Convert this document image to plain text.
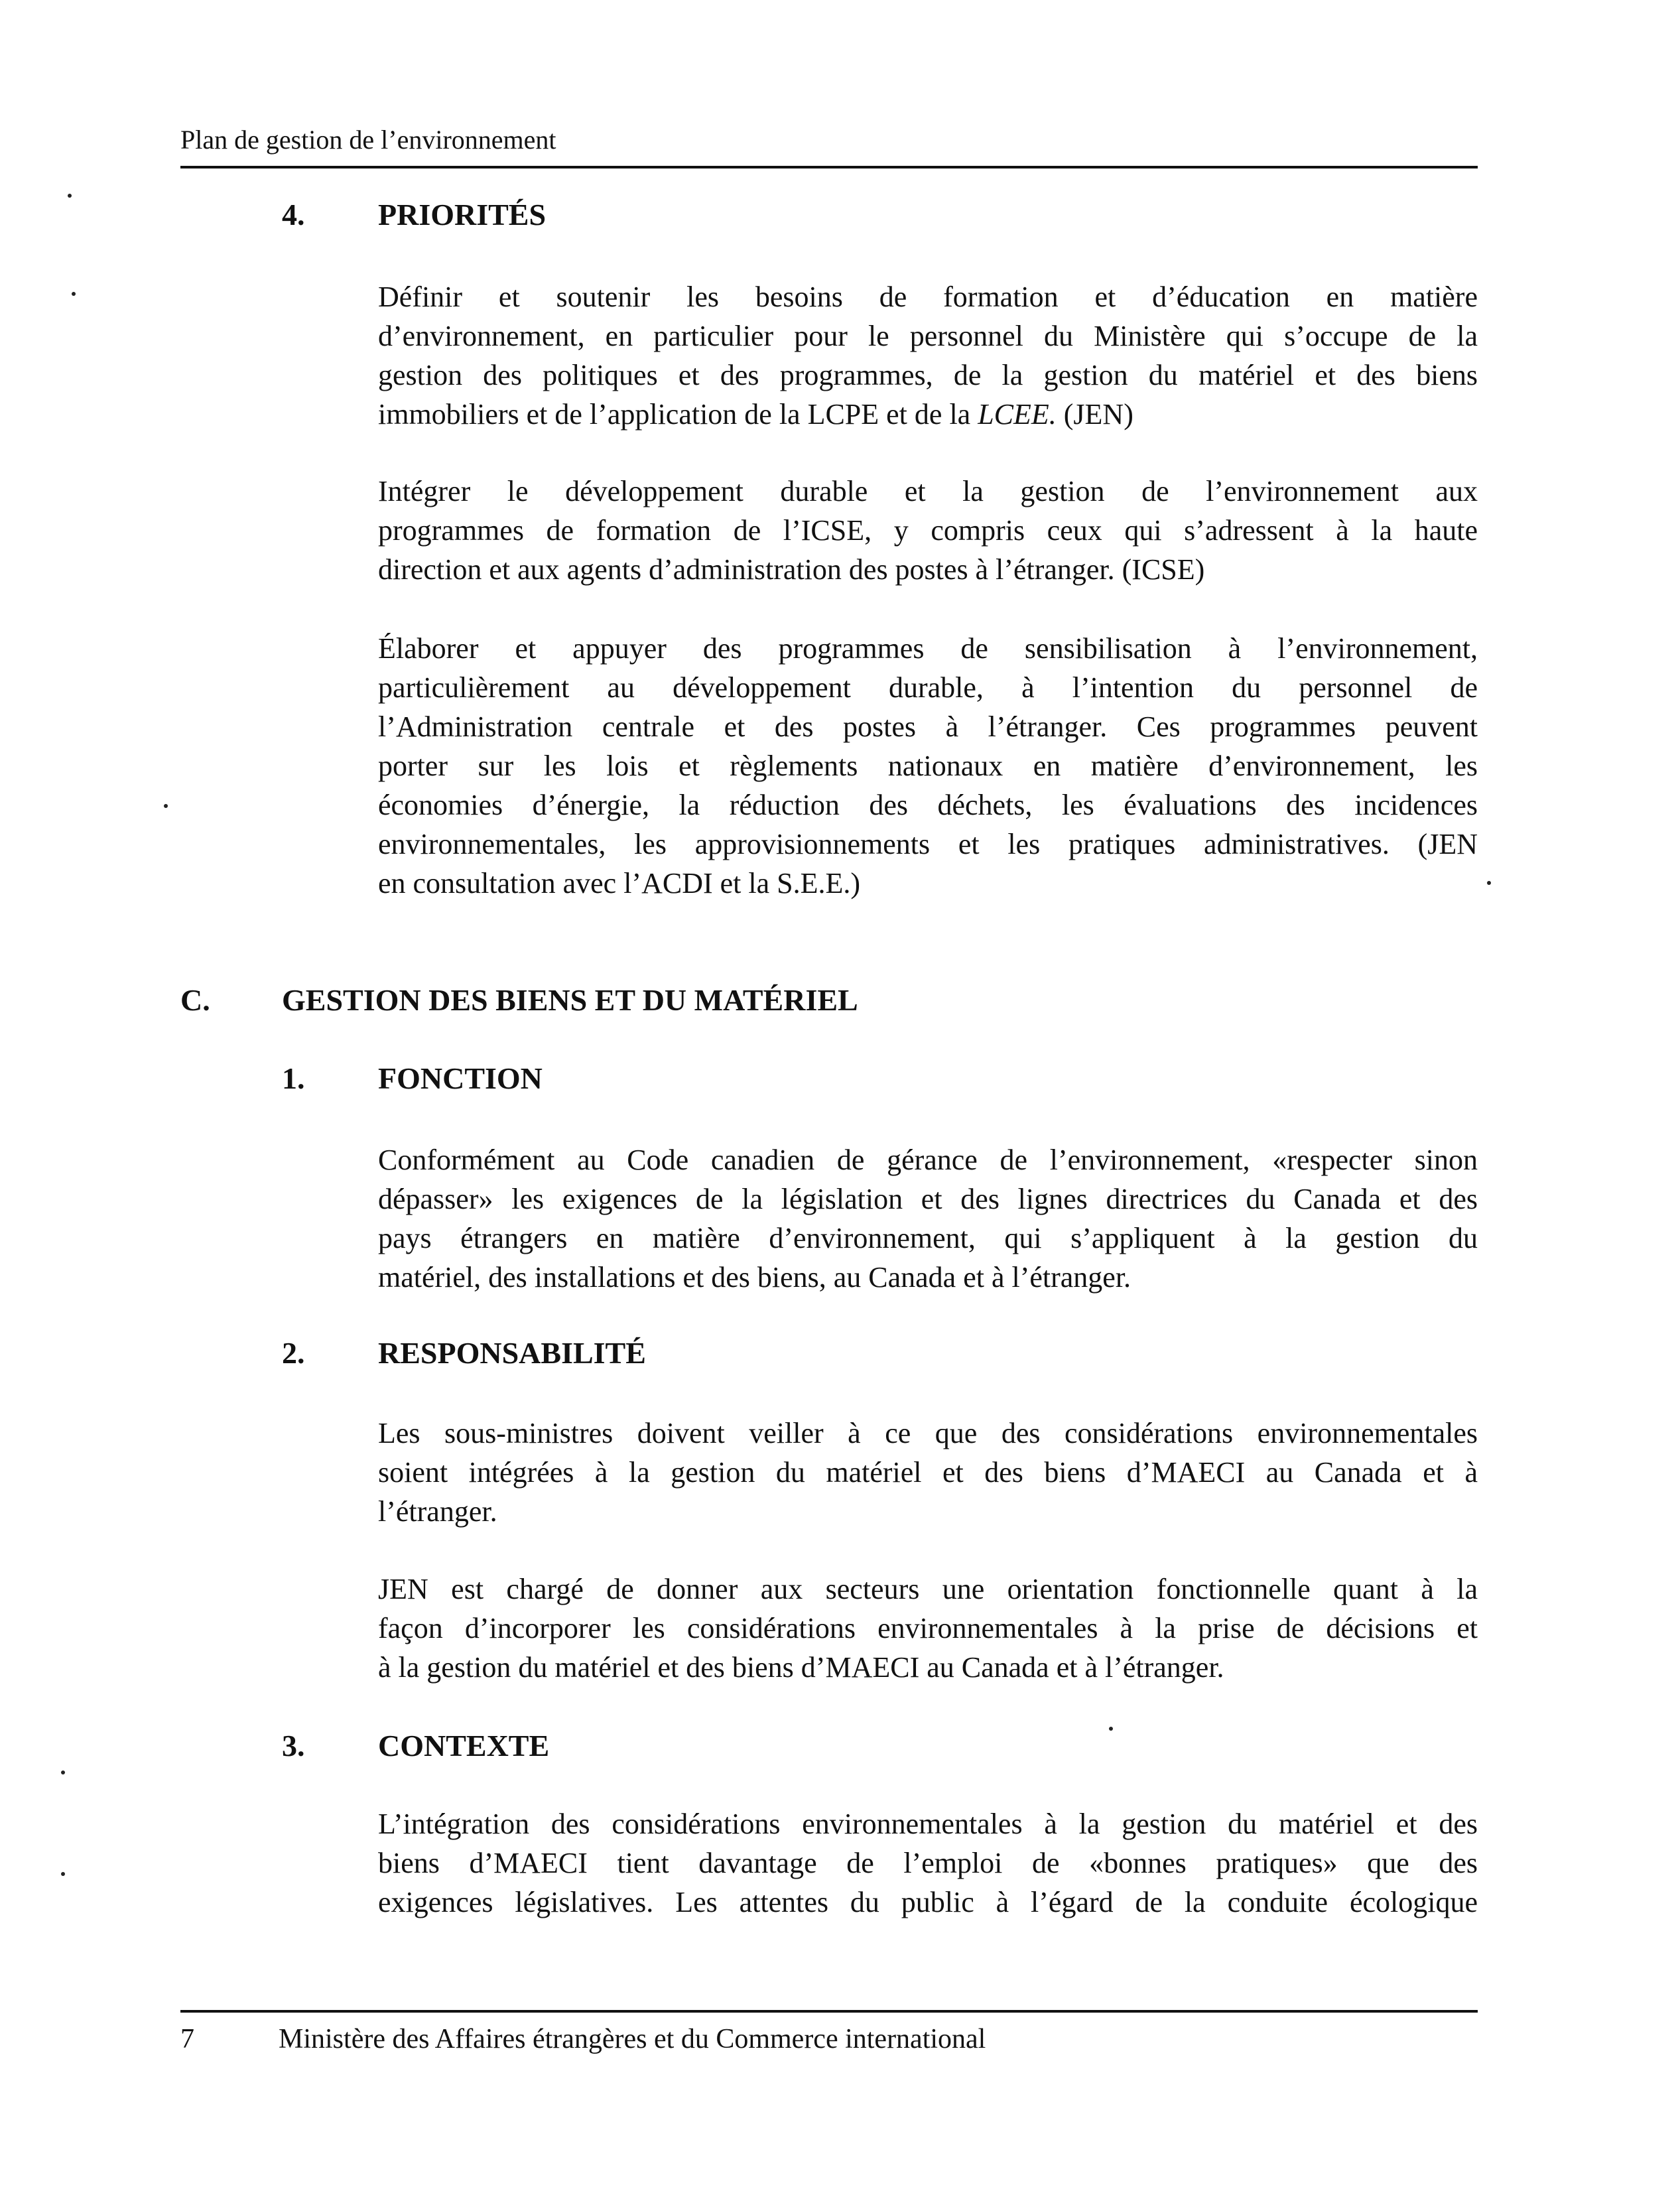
Plan de gestion de l’environnement
4. PRIORITÉS
Définir et soutenir les besoins de formation et d’éducation en matière
d’environnement, en particulier pour le personnel du Ministère qui s’occupe de la
gestion des politiques et des programmes, de la gestion du matériel et des biens
immobiliers et de l’application de la LCPE et de la LCEE. (JEN)
Intégrer le développement durable et la gestion de l’environnement aux
programmes de formation de l’ICSE, y compris ceux qui s’adressent à la haute
direction et aux agents d’administration des postes à l’étranger. (ICSE)
Élaborer et appuyer des programmes de sensibilisation à l’environnement,
particulièrement au développement durable, à l’intention du personnel de
l’Administration centrale et des postes à l’étranger. Ces programmes peuvent
porter sur les lois et règlements nationaux en matière d’environnement, les
économies d’énergie, la réduction des déchets, les évaluations des incidences
environnementales, les approvisionnements et les pratiques administratives. (JEN
en consultation avec l’ACDI et la S.E.E.)
C. GESTION DES BIENS ET DU MATÉRIEL
1. FONCTION
Conformément au Code canadien de gérance de l’environnement, «respecter sinon
dépasser» les exigences de la législation et des lignes directrices du Canada et des
pays étrangers en matière d’environnement, qui s’appliquent à la gestion du
matériel, des installations et des biens, au Canada et à l’étranger.
2. RESPONSABILITÉ
Les sous-ministres doivent veiller à ce que des considérations environnementales
soient intégrées à la gestion du matériel et des biens d’MAECI au Canada et à
l’étranger.
JEN est chargé de donner aux secteurs une orientation fonctionnelle quant à la
façon d’incorporer les considérations environnementales à la prise de décisions et
à la gestion du matériel et des biens d’MAECI au Canada et à l’étranger.
3. CONTEXTE
L’intégration des considérations environnementales à la gestion du matériel et des
biens d’MAECI tient davantage de l’emploi de «bonnes pratiques» que des
exigences législatives. Les attentes du public à l’égard de la conduite écologique
7	Ministère des Affaires étrangères et du Commerce international
